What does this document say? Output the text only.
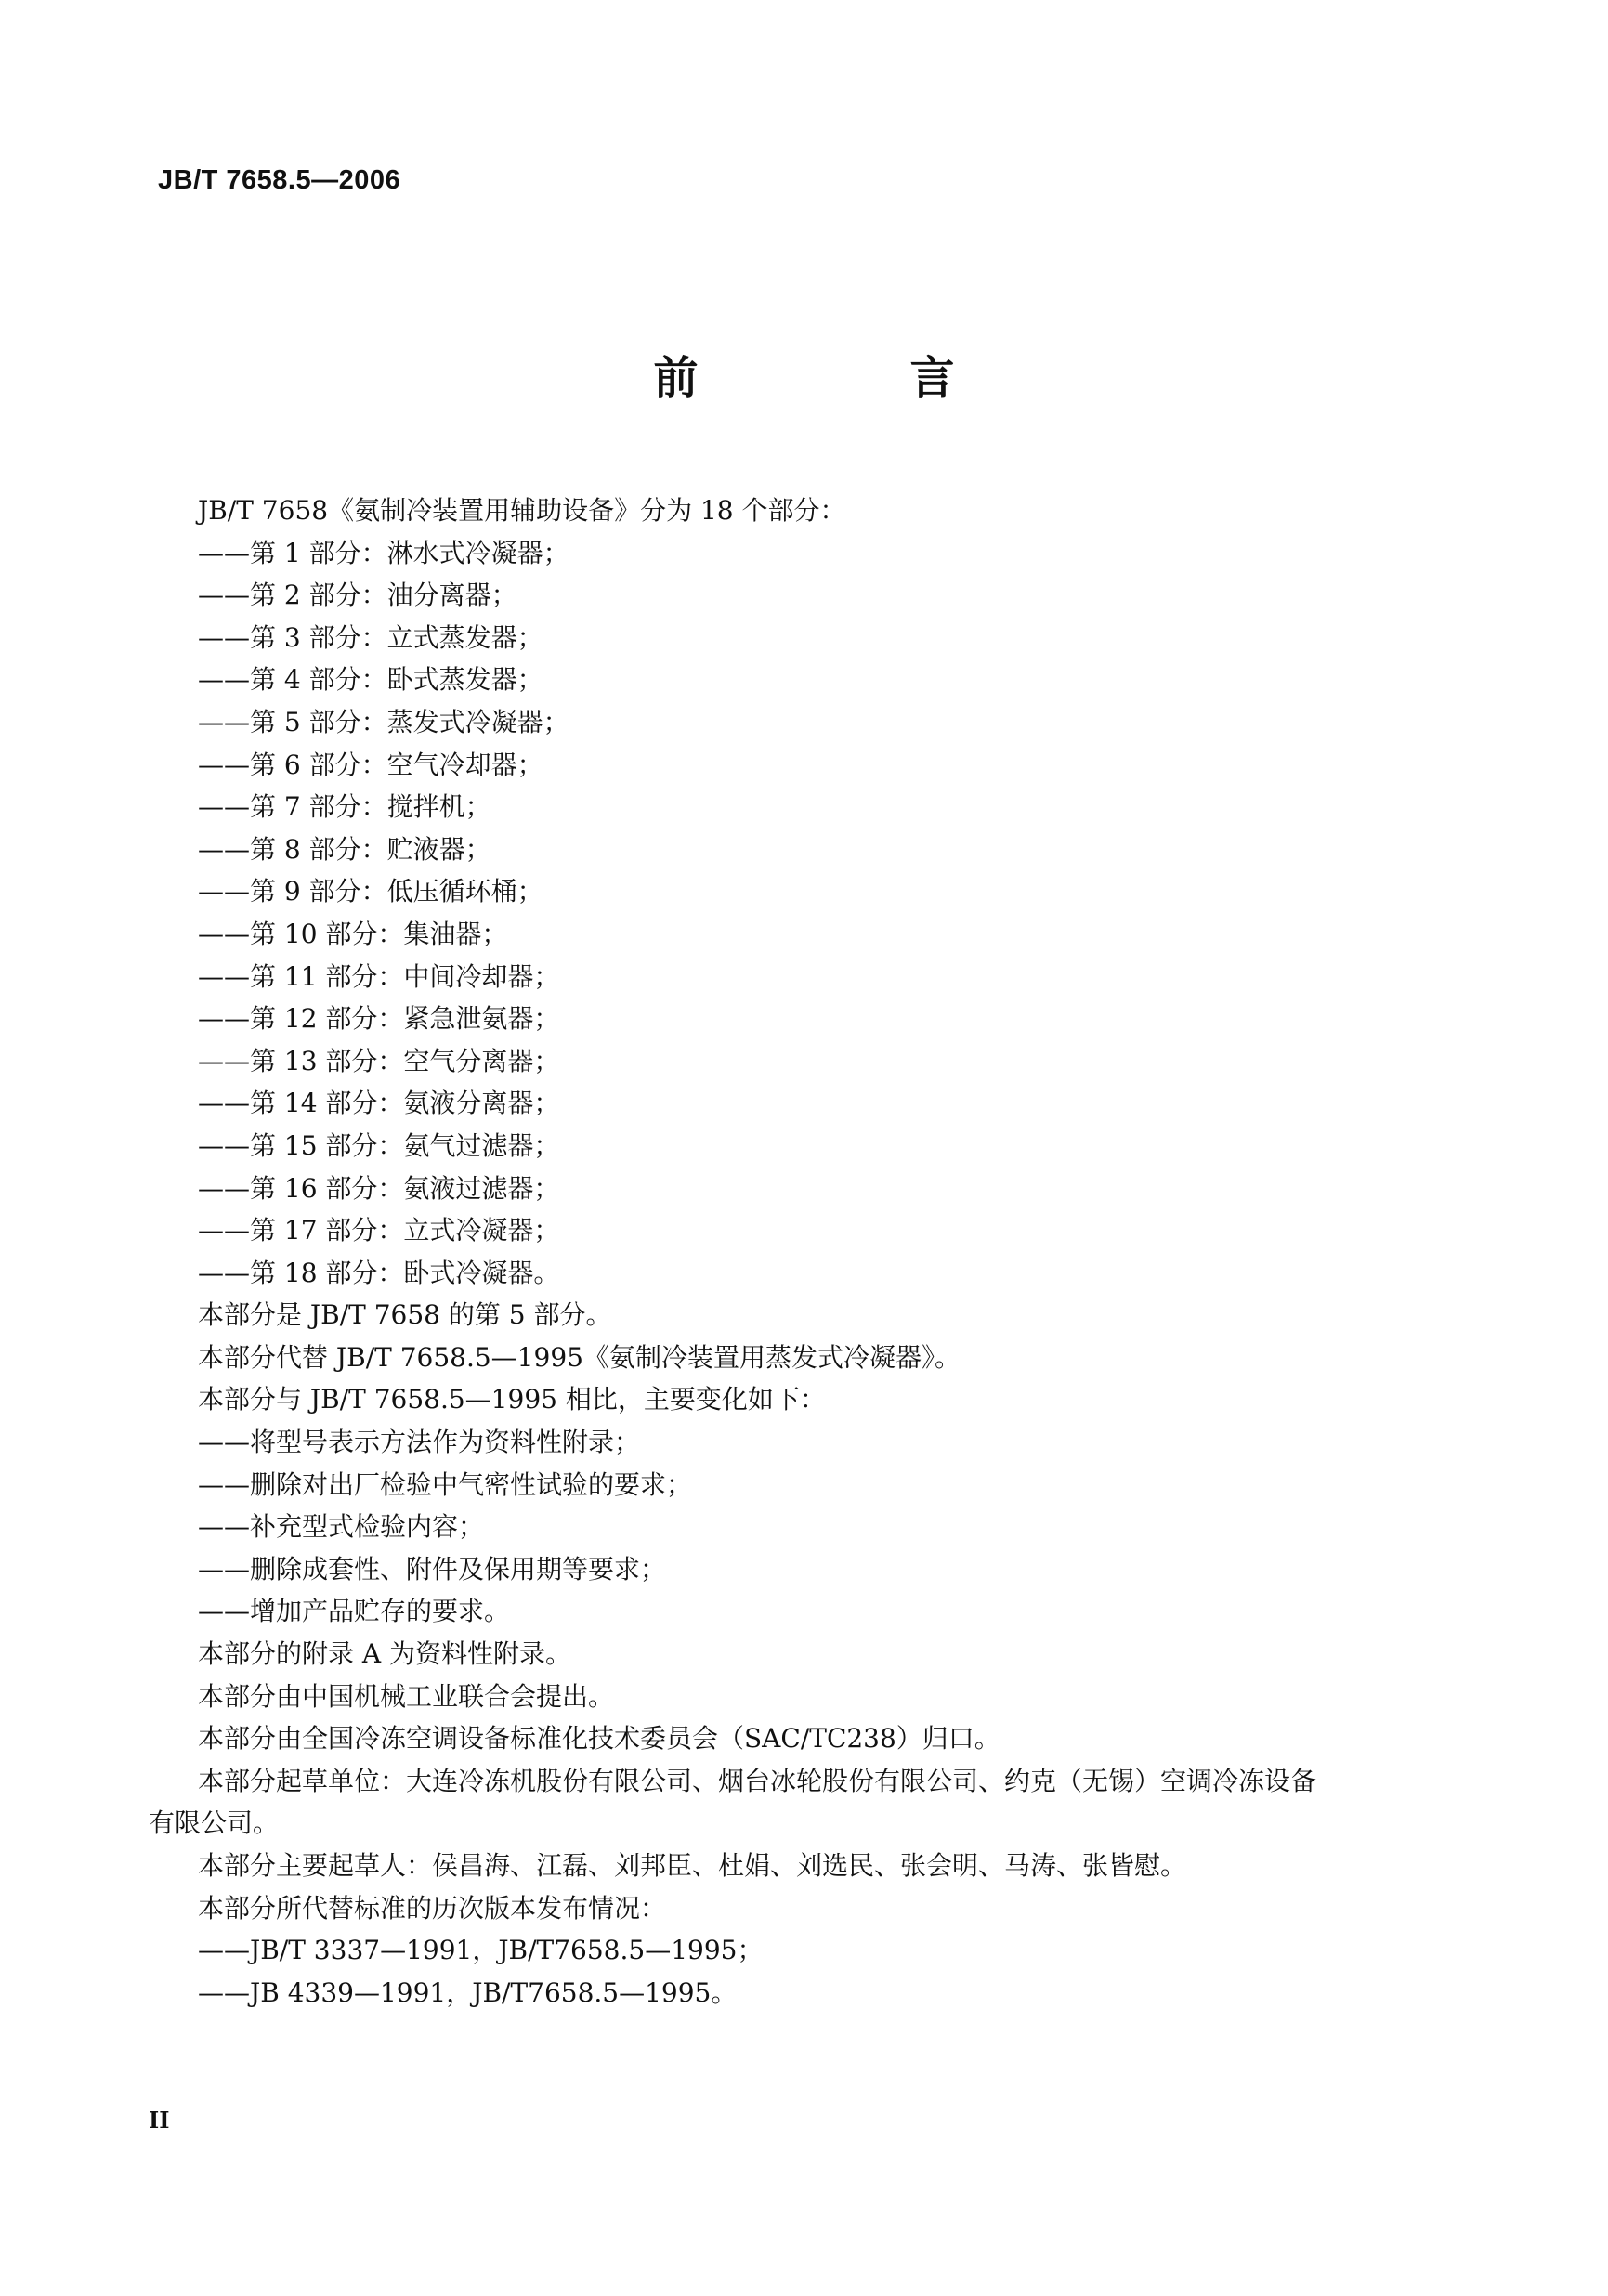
JB/T 7658.5—2006
前　言
JB/T 7658《氨制冷装置用辅助设备》分为 18 个部分：
——第 1 部分：淋水式冷凝器；
——第 2 部分：油分离器；
——第 3 部分：立式蒸发器；
——第 4 部分：卧式蒸发器；
——第 5 部分：蒸发式冷凝器；
——第 6 部分：空气冷却器；
——第 7 部分：搅拌机；
——第 8 部分：贮液器；
——第 9 部分：低压循环桶；
——第 10 部分：集油器；
——第 11 部分：中间冷却器；
——第 12 部分：紧急泄氨器；
——第 13 部分：空气分离器；
——第 14 部分：氨液分离器；
——第 15 部分：氨气过滤器；
——第 16 部分：氨液过滤器；
——第 17 部分：立式冷凝器；
——第 18 部分：卧式冷凝器。
本部分是 JB/T 7658 的第 5 部分。
本部分代替 JB/T 7658.5—1995《氨制冷装置用蒸发式冷凝器》。
本部分与 JB/T 7658.5—1995 相比，主要变化如下：
——将型号表示方法作为资料性附录；
——删除对出厂检验中气密性试验的要求；
——补充型式检验内容；
——删除成套性、附件及保用期等要求；
——增加产品贮存的要求。
本部分的附录 A 为资料性附录。
本部分由中国机械工业联合会提出。
本部分由全国冷冻空调设备标准化技术委员会（SAC/TC238）归口。
本部分起草单位：大连冷冻机股份有限公司、烟台冰轮股份有限公司、约克（无锡）空调冷冻设备
有限公司。
本部分主要起草人：侯昌海、江磊、刘邦臣、杜娟、刘选民、张会明、马涛、张皆慰。
本部分所代替标准的历次版本发布情况：
——JB/T 3337—1991，JB/T7658.5—1995；
——JB 4339—1991，JB/T7658.5—1995。
II
